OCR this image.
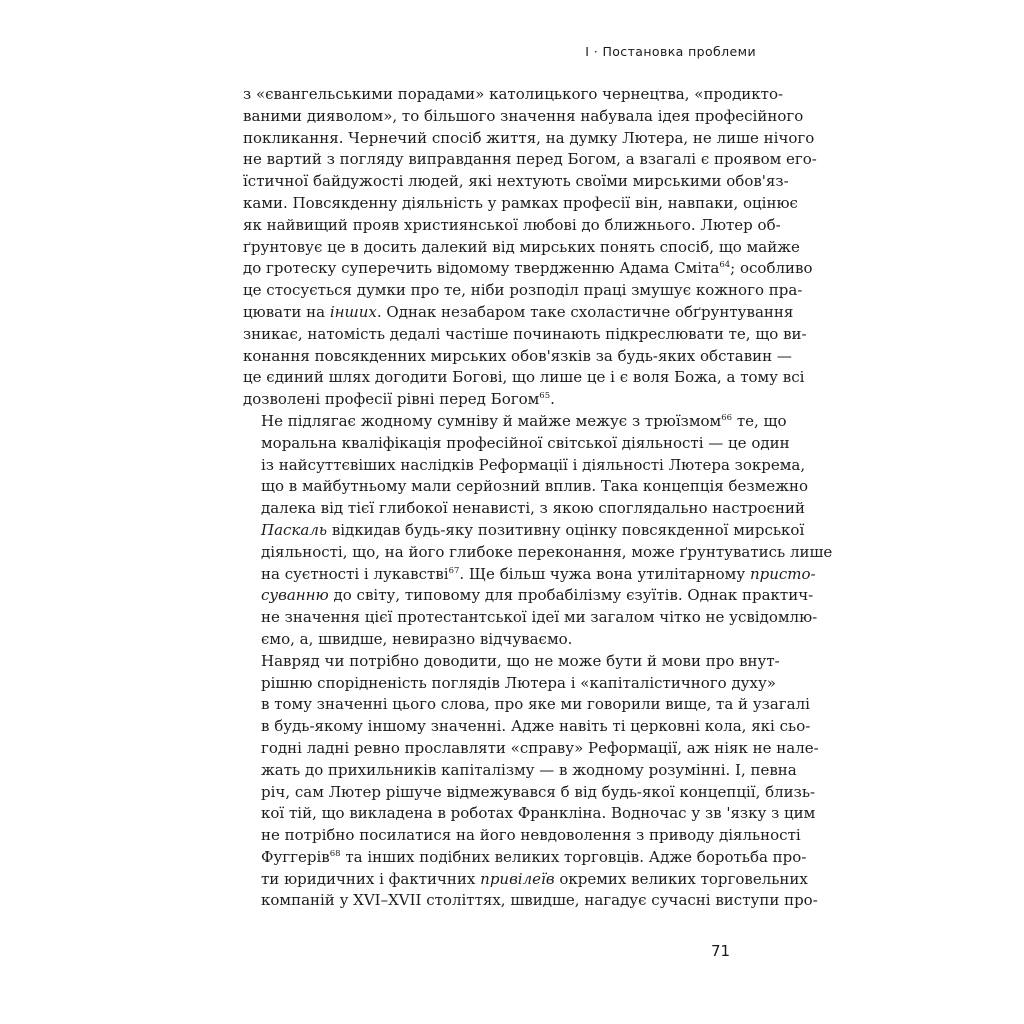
I · Постановка проблеми

з «євангельськими порадами» католицького чернецтва, «продикто-
ваними дияволом», то більшого значення набувала ідея професійного
покликання. Чернечий спосіб життя, на думку Лютера, не лише нічого
не вартий з погляду виправдання перед Богом, а взагалі є проявом его-
їстичної байдужості людей, які нехтують своїми мирськими обов'яз-
ками. Повсякденну діяльність у рамках професії він, навпаки, оцінює
як найвищий прояв християнської любові до ближнього. Лютер об-
ґрунтовує це в досить далекий від мирських понять спосіб, що майже
до гротеску суперечить відомому твердженню Адама Сміта$^{64}$; особливо
це стосується думки про те, ніби розподіл праці змушує кожного пра-
цювати на інших. Однак незабаром таке схоластичне обґрунтування
зникає, натомість дедалі частіше починають підкреслювати те, що ви-
конання повсякденних мирських обов'язків за будь-яких обставин —
це єдиний шлях догодити Богові, що лише це і є воля Божа, а тому всі
дозволені професії рівні перед Богом$^{65}$.

Не підлягає жодному сумніву й майже межує з трюїзмом$^{66}$ те, що
моральна кваліфікація професійної світської діяльності — це один
із найсуттєвіших наслідків Реформації і діяльності Лютера зокрема,
що в майбутньому мали серйозний вплив. Така концепція безмежно
далека від тієї глибокої ненависті, з якою споглядально настроєний
Паскаль відкидав будь-яку позитивну оцінку повсякденної мирської
діяльності, що, на його глибоке переконання, може ґрунтуватись лише
на суєтності і лукавстві$^{67}$. Ще більш чужа вона утилітарному присто-
суванню до світу, типовому для пробабілізму єзуїтів. Однак практич-
не значення цієї протестантської ідеї ми загалом чітко не усвідомлю-
ємо, а, швидше, невиразно відчуваємо.

Навряд чи потрібно доводити, що не може бути й мови про внут-
рішню спорідненість поглядів Лютера і «капіталістичного духу»
в тому значенні цього слова, про яке ми говорили вище, та й узагалі
в будь-якому іншому значенні. Адже навіть ті церковні кола, які сьо-
годні ладні ревно прославляти «справу» Реформації, аж ніяк не нале-
жать до прихильників капіталізму — в жодному розумінні. І, певна
річ, сам Лютер рішуче відмежувався б від будь-якої концепції, близь-
кої тій, що викладена в роботах Франкліна. Водночас у зв 'язку з цим
не потрібно посилатися на його невдоволення з приводу діяльності
Фуггерів$^{68}$ та інших подібних великих торговців. Адже боротьба про-
ти юридичних і фактичних привілеїв окремих великих торговельних
компаній у XVI–XVII століттях, швидше, нагадує сучасні виступи про-

71
